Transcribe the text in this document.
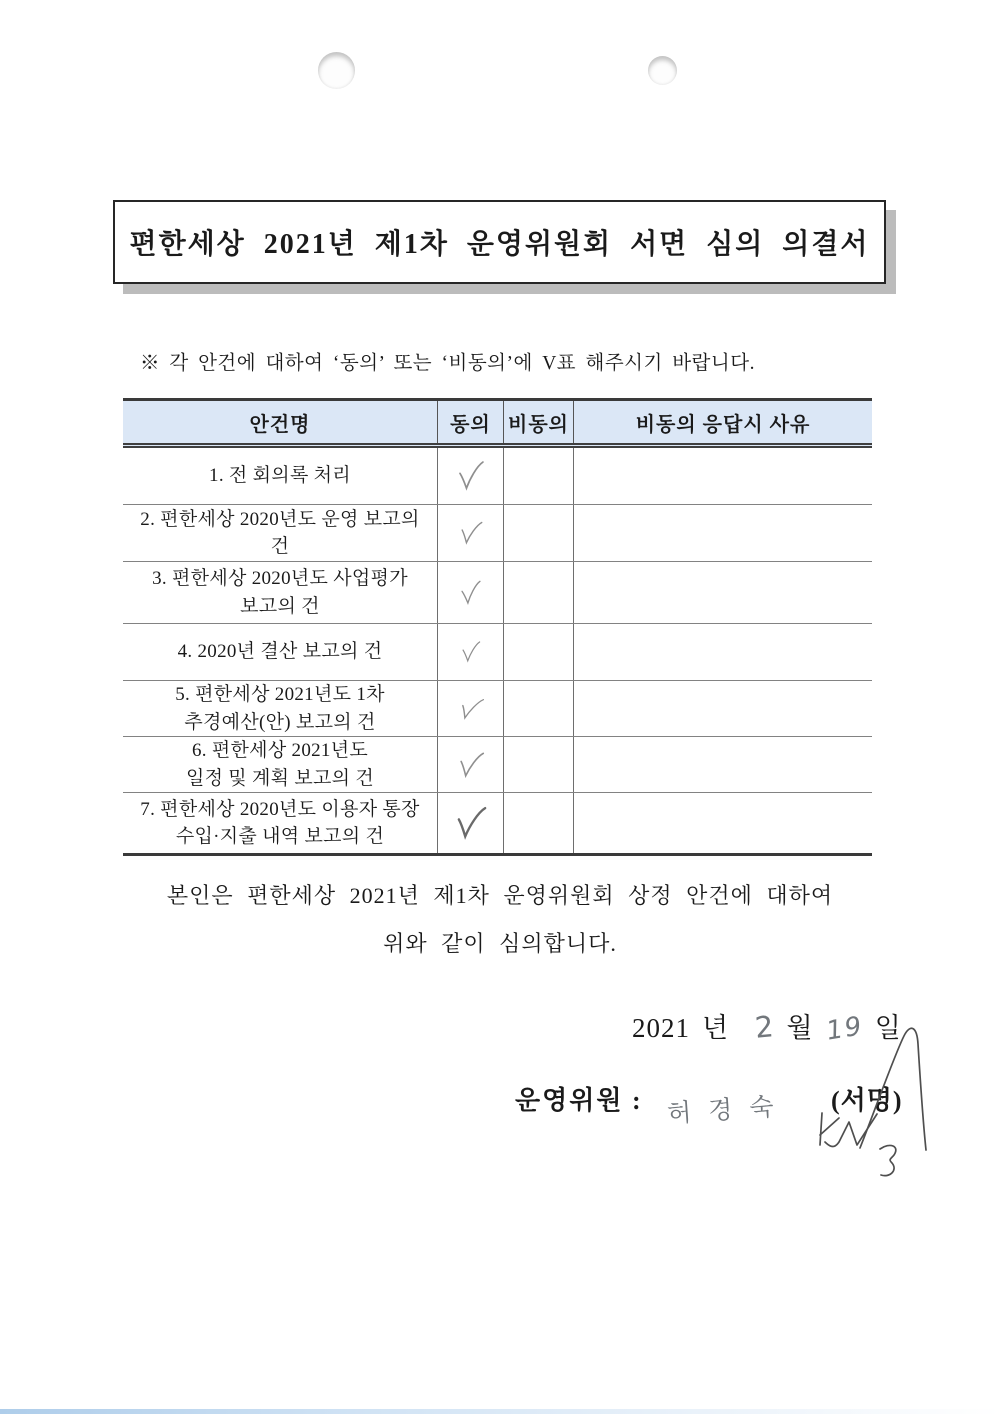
편한세상 2021년 제1차 운영위원회 서면 심의 의결서
※ 각 안건에 대하여 ‘동의’ 또는 ‘비동의’에 V표 해주시기 바랍니다.
안건명	동의 비동의	비동의 응답시 사유
1. 전 회의록 처리
2. 편한세상 2020년도 운영 보고의
건
3. 편한세상 2020년도 사업평가
보고의 건
4. 2020년 결산 보고의 건
5. 편한세상 2021년도 1차
추경예산(안) 보고의 건
6. 편한세상 2021년도
일정 및 계획 보고의 건
7. 편한세상 2020년도 이용자 통장
수입·지출 내역 보고의 건
본인은 편한세상 2021년 제1차 운영위원회 상정 안건에 대하여
위와 같이 심의합니다.
2021 년 2 월 19 일
운영위원 : 허경숙 (서명)
